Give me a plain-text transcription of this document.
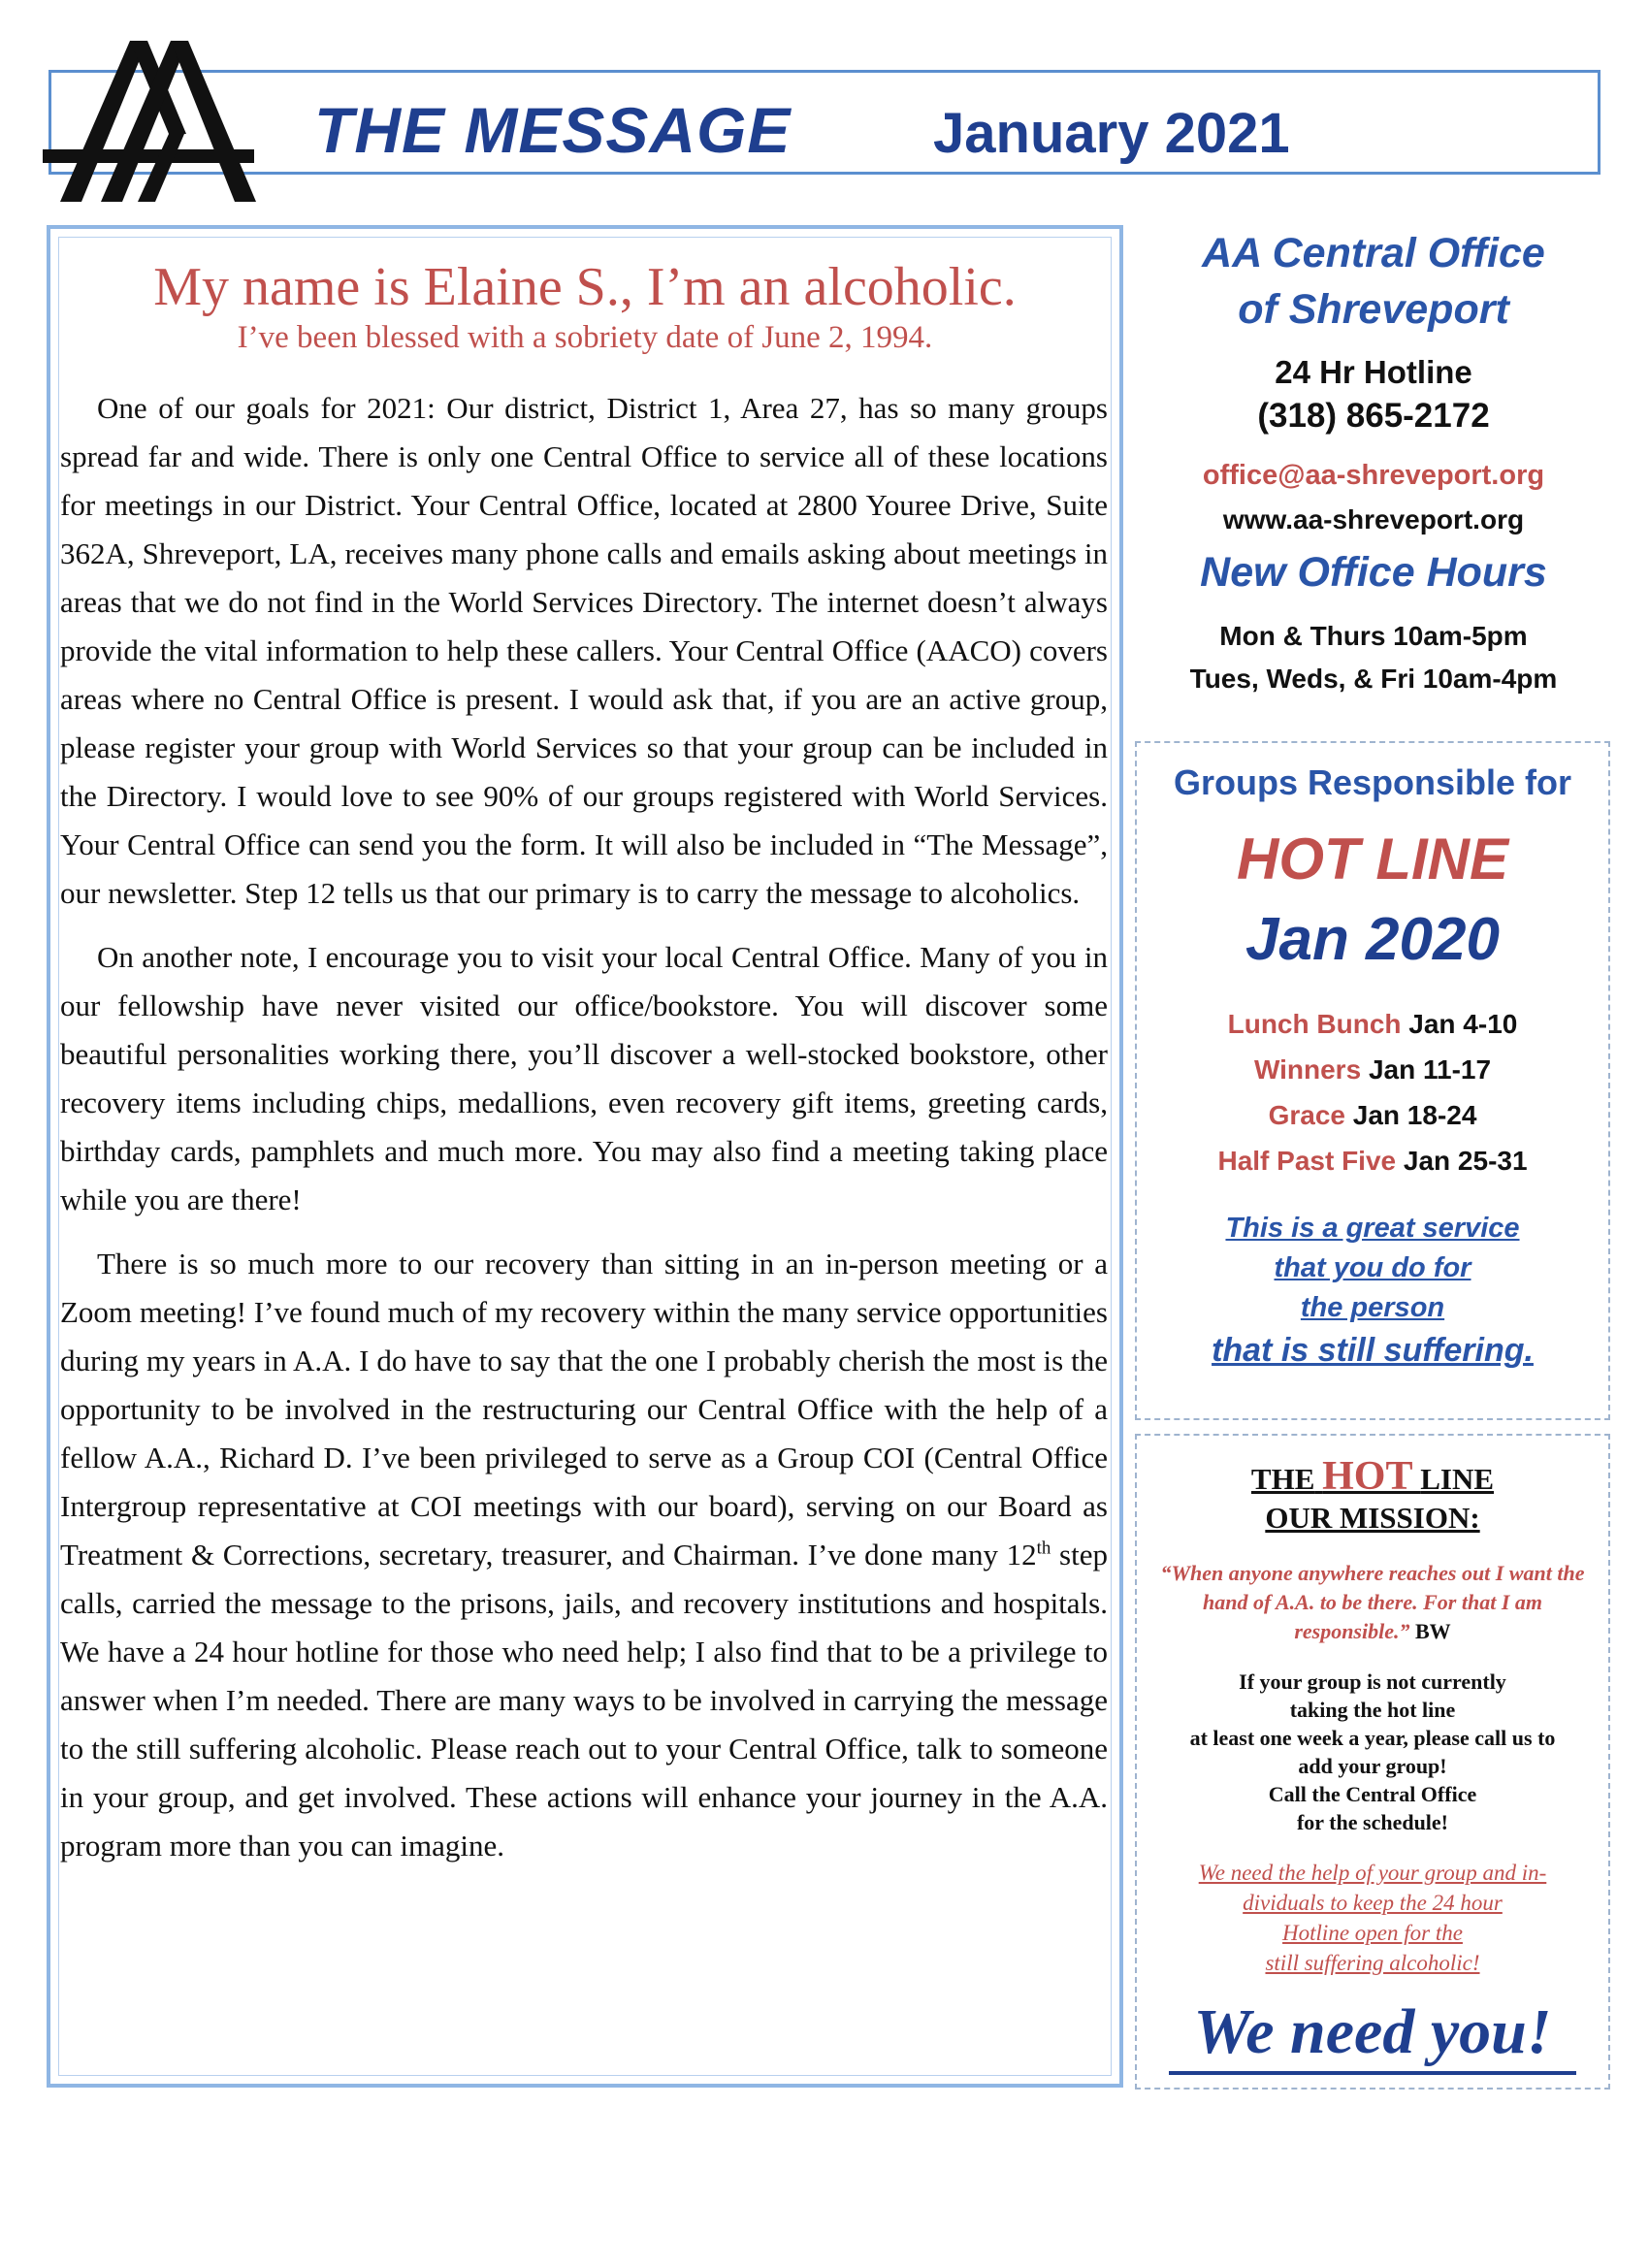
THE MESSAGE	January 2021
My name is Elaine S., I’m an alcoholic.
I’ve been blessed with a sobriety date of June 2, 1994.

One of our goals for 2021: Our district, District 1, Area 27, has so many groups spread far and wide. There is only one Central Office to service all of these locations for meetings in our District. Your Central Office, located at 2800 Youree Drive, Suite 362A, Shreveport, LA, receives many phone calls and emails asking about meetings in areas that we do not find in the World Services Directory. The internet doesn’t always provide the vital information to help these callers. Your Central Office (AACO) covers areas where no Central Office is present. I would ask that, if you are an active group, please register your group with World Services so that your group can be included in the Directory. I would love to see 90% of our groups registered with World Services. Your Central Office can send you the form. It will also be included in “The Message”, our newsletter. Step 12 tells us that our primary is to carry the message to alcoholics.

On another note, I encourage you to visit your local Central Office. Many of you in our fellowship have never visited our office/bookstore. You will discover some beautiful personalities working there, you’ll discover a well-stocked bookstore, other recovery items including chips, medallions, even recovery gift items, greeting cards, birthday cards, pamphlets and much more. You may also find a meeting taking place while you are there!

There is so much more to our recovery than sitting in an in-person meeting or a Zoom meeting! I’ve found much of my recovery within the many service opportunities during my years in A.A. I do have to say that the one I probably cherish the most is the opportunity to be involved in the restructuring our Central Office with the help of a fellow A.A., Richard D. I’ve been privileged to serve as a Group COI (Central Office Intergroup representative at COI meetings with our board), serving on our Board as Treatment & Corrections, secretary, treasurer, and Chairman. I’ve done many 12th step calls, carried the message to the prisons, jails, and recovery institutions and hospitals. We have a 24 hour hotline for those who need help; I also find that to be a privilege to answer when I’m needed. There are many ways to be involved in carrying the message to the still suffering alcoholic. Please reach out to your Central Office, talk to someone in your group, and get involved. These actions will enhance your journey in the A.A. program more than you can imagine.

AA Central Office
of Shreveport
24 Hr Hotline
(318) 865-2172
office@aa-shreveport.org
www.aa-shreveport.org
New Office Hours
Mon & Thurs 10am-5pm
Tues, Weds, & Fri 10am-4pm
Groups Responsible for
HOT LINE
Jan 2020
Lunch Bunch Jan 4-10
Winners Jan 11-17
Grace Jan 18-24
Half Past Five Jan 25-31
This is a great service
that you do for
the person
that is still suffering.
THE HOT LINE
OUR MISSION:
“When anyone anywhere reaches out I want the hand of A.A. to be there. For that I am responsible.” BW
If your group is not currently
taking the hot line
at least one week a year, please call us to
add your group!
Call the Central Office
for the schedule!
We need the help of your group and in-
dividuals to keep the 24 hour
Hotline open for the
still suffering alcoholic!
We need you!
